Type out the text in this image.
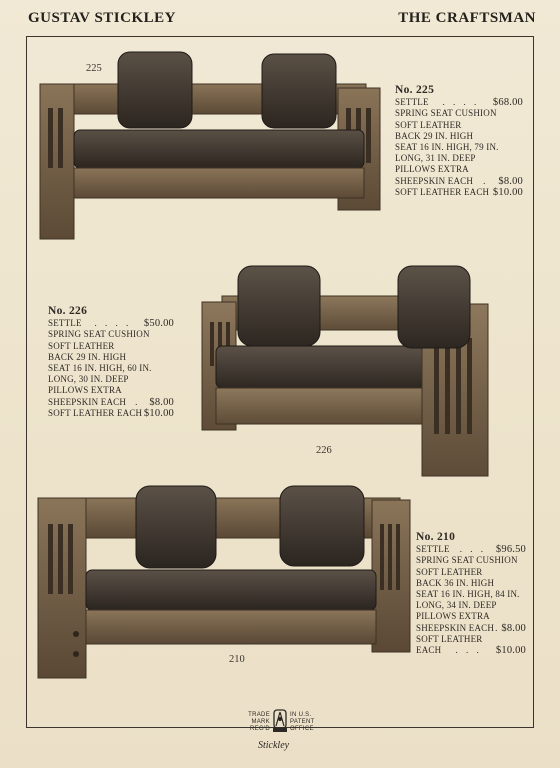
GUSTAV STICKLEY	THE CRAFTSMAN
225
No. 225
SETTLE	. . . .	$68.00
SPRING SEAT CUSHION
SOFT LEATHER
BACK 29 IN. HIGH
SEAT 16 IN. HIGH, 79 IN.
LONG, 31 IN. DEEP
PILLOWS EXTRA
SHEEPSKIN EACH	. $8.00
SOFT LEATHER EACH $10.00
No. 226
SETTLE	. . . .	$50.00
SPRING SEAT CUSHION
SOFT LEATHER
BACK 29 IN. HIGH
SEAT 16 IN. HIGH, 60 IN.
LONG, 30 IN. DEEP
PILLOWS EXTRA
SHEEPSKIN EACH	. $8.00
SOFT LEATHER EACH $10.00
226
210
No. 210
SETTLE	. . . $96.50
SPRING SEAT CUSHION
SOFT LEATHER
BACK 36 IN. HIGH
SEAT 16 IN. HIGH, 84 IN.
LONG, 34 IN. DEEP
PILLOWS EXTRA
SHEEPSKIN EACH . $8.00
SOFT LEATHER
EACH	. . .	$10.00
TRADE
MARK
REG'D
IN U.S.
PATENT
OFFICE
Stickley
